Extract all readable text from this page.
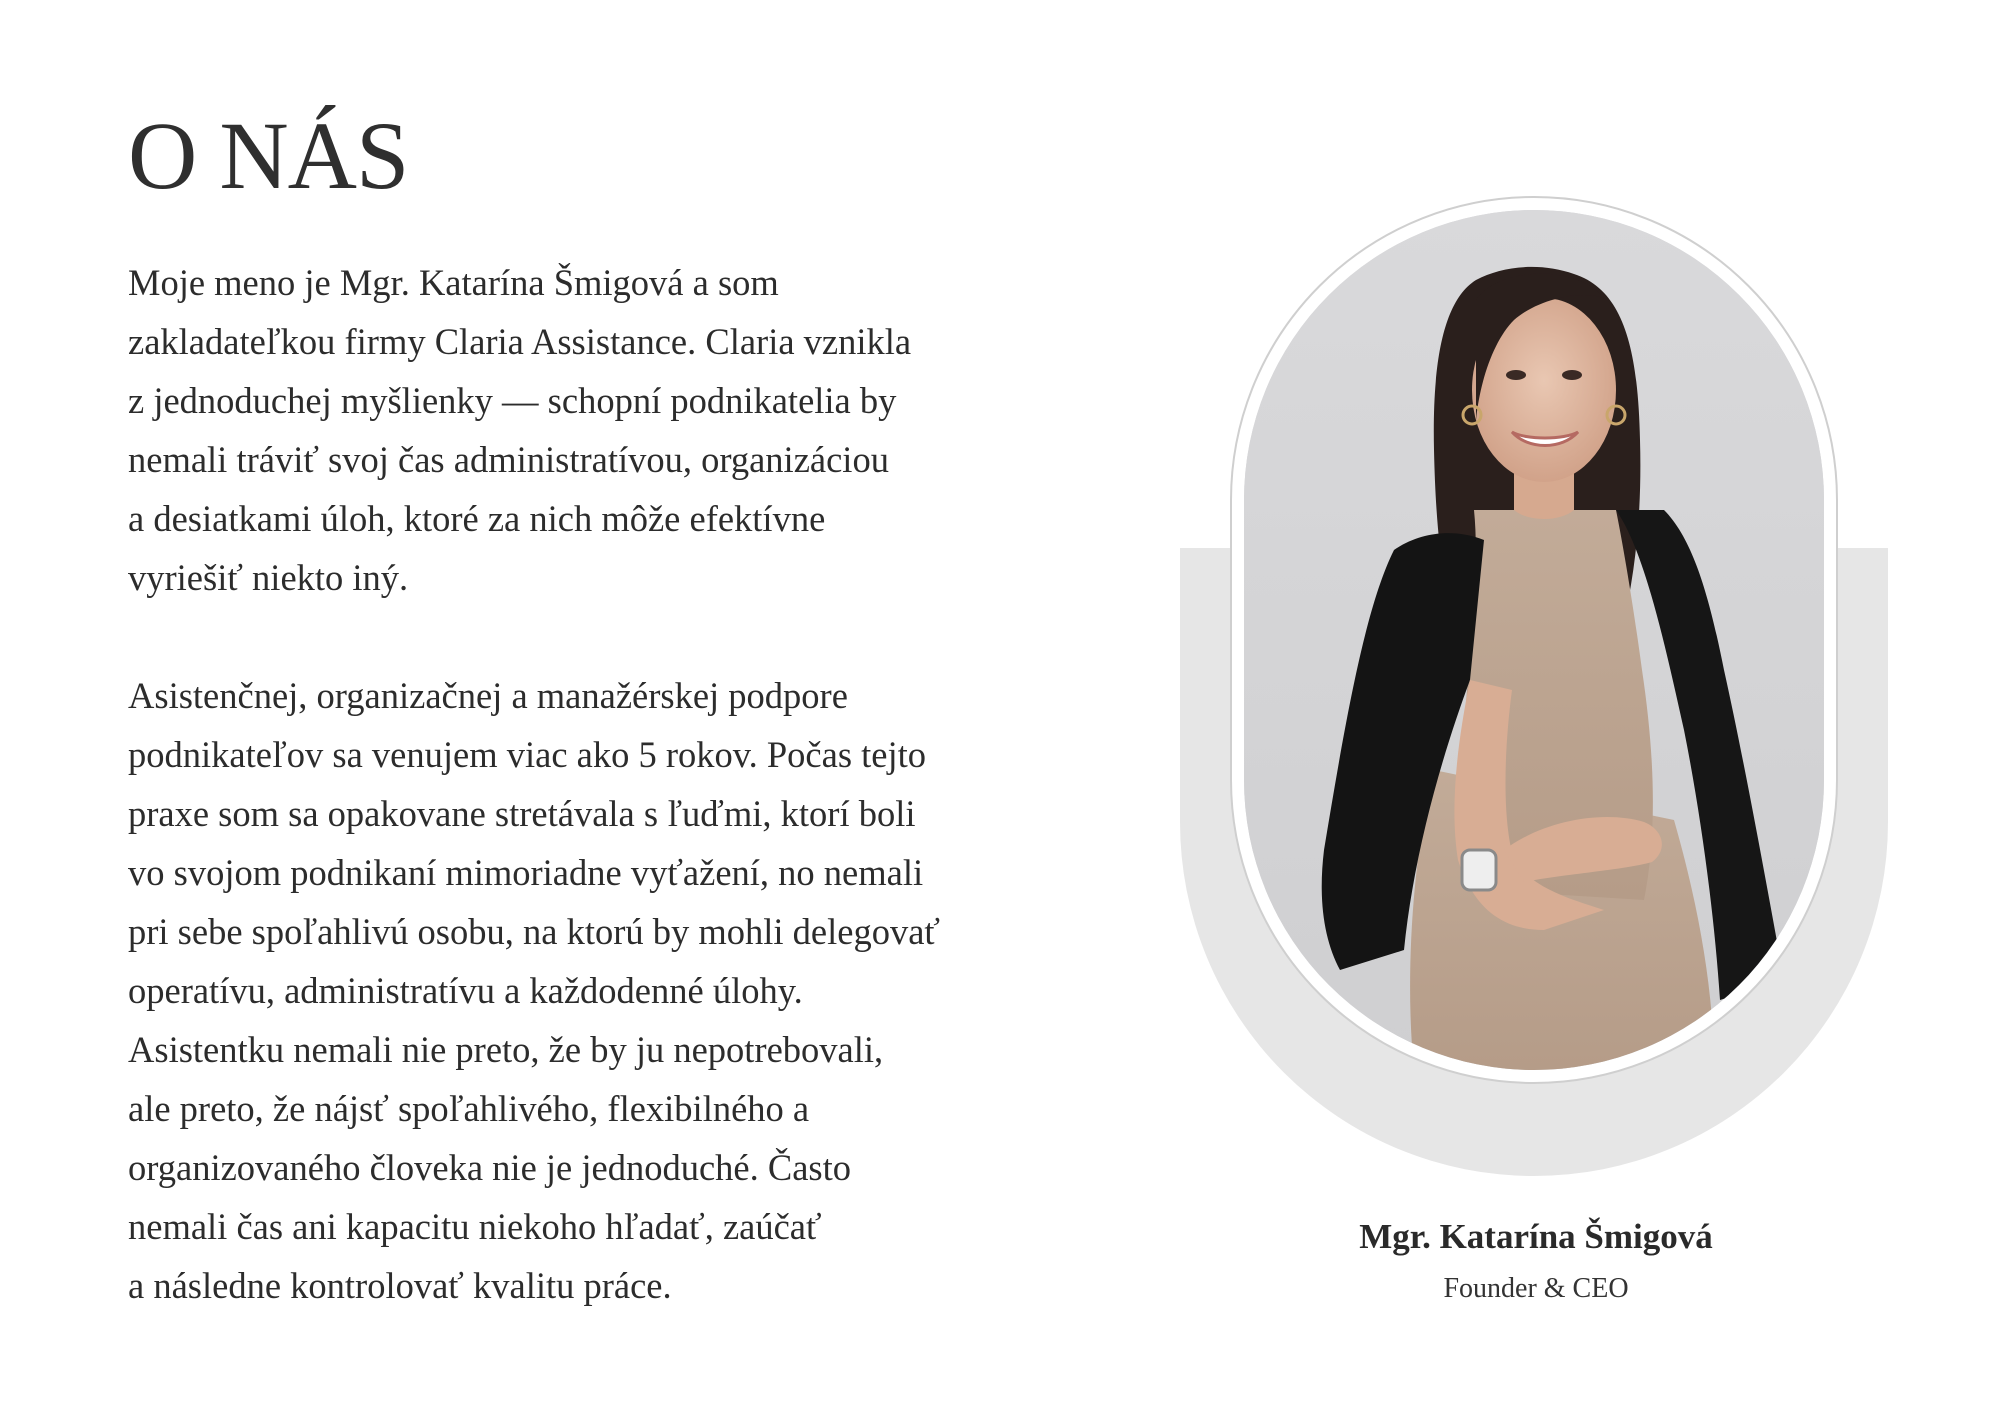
O NÁS

Moje meno je Mgr. Katarína Šmigová a som
zakladateľkou firmy Claria Assistance. Claria vznikla
z jednoduchej myšlienky — schopní podnikatelia by
nemali tráviť svoj čas administratívou, organizáciou
a desiatkami úloh, ktoré za nich môže efektívne
vyriešiť niekto iný.

Asistenčnej, organizačnej a manažérskej podpore
podnikateľov sa venujem viac ako 5 rokov. Počas tejto
praxe som sa opakovane stretávala s ľuďmi, ktorí boli
vo svojom podnikaní mimoriadne vyťažení, no nemali
pri sebe spoľahlivú osobu, na ktorú by mohli delegovať
operatívu, administratívu a každodenné úlohy.
Asistentku nemali nie preto, že by ju nepotrebovali,
ale preto, že nájsť spoľahlivého, flexibilného a
organizovaného človeka nie je jednoduché. Často
nemali čas ani kapacitu niekoho hľadať, zaúčať
a následne kontrolovať kvalitu práce.

Mgr. Katarína Šmigová

Founder & CEO
